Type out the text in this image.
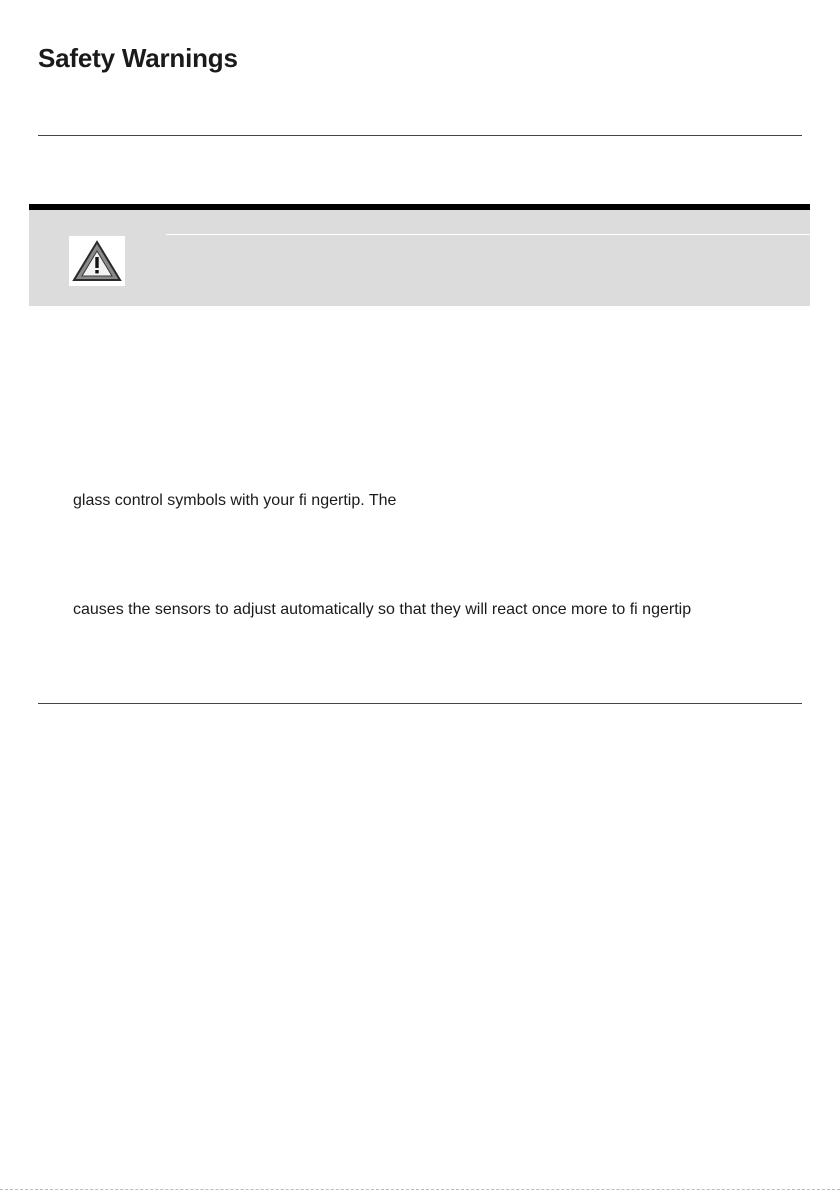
Safety Warnings

glass control symbols with your fi ngertip. The

causes the sensors to adjust automatically so that they will react once more to fi ngertip
